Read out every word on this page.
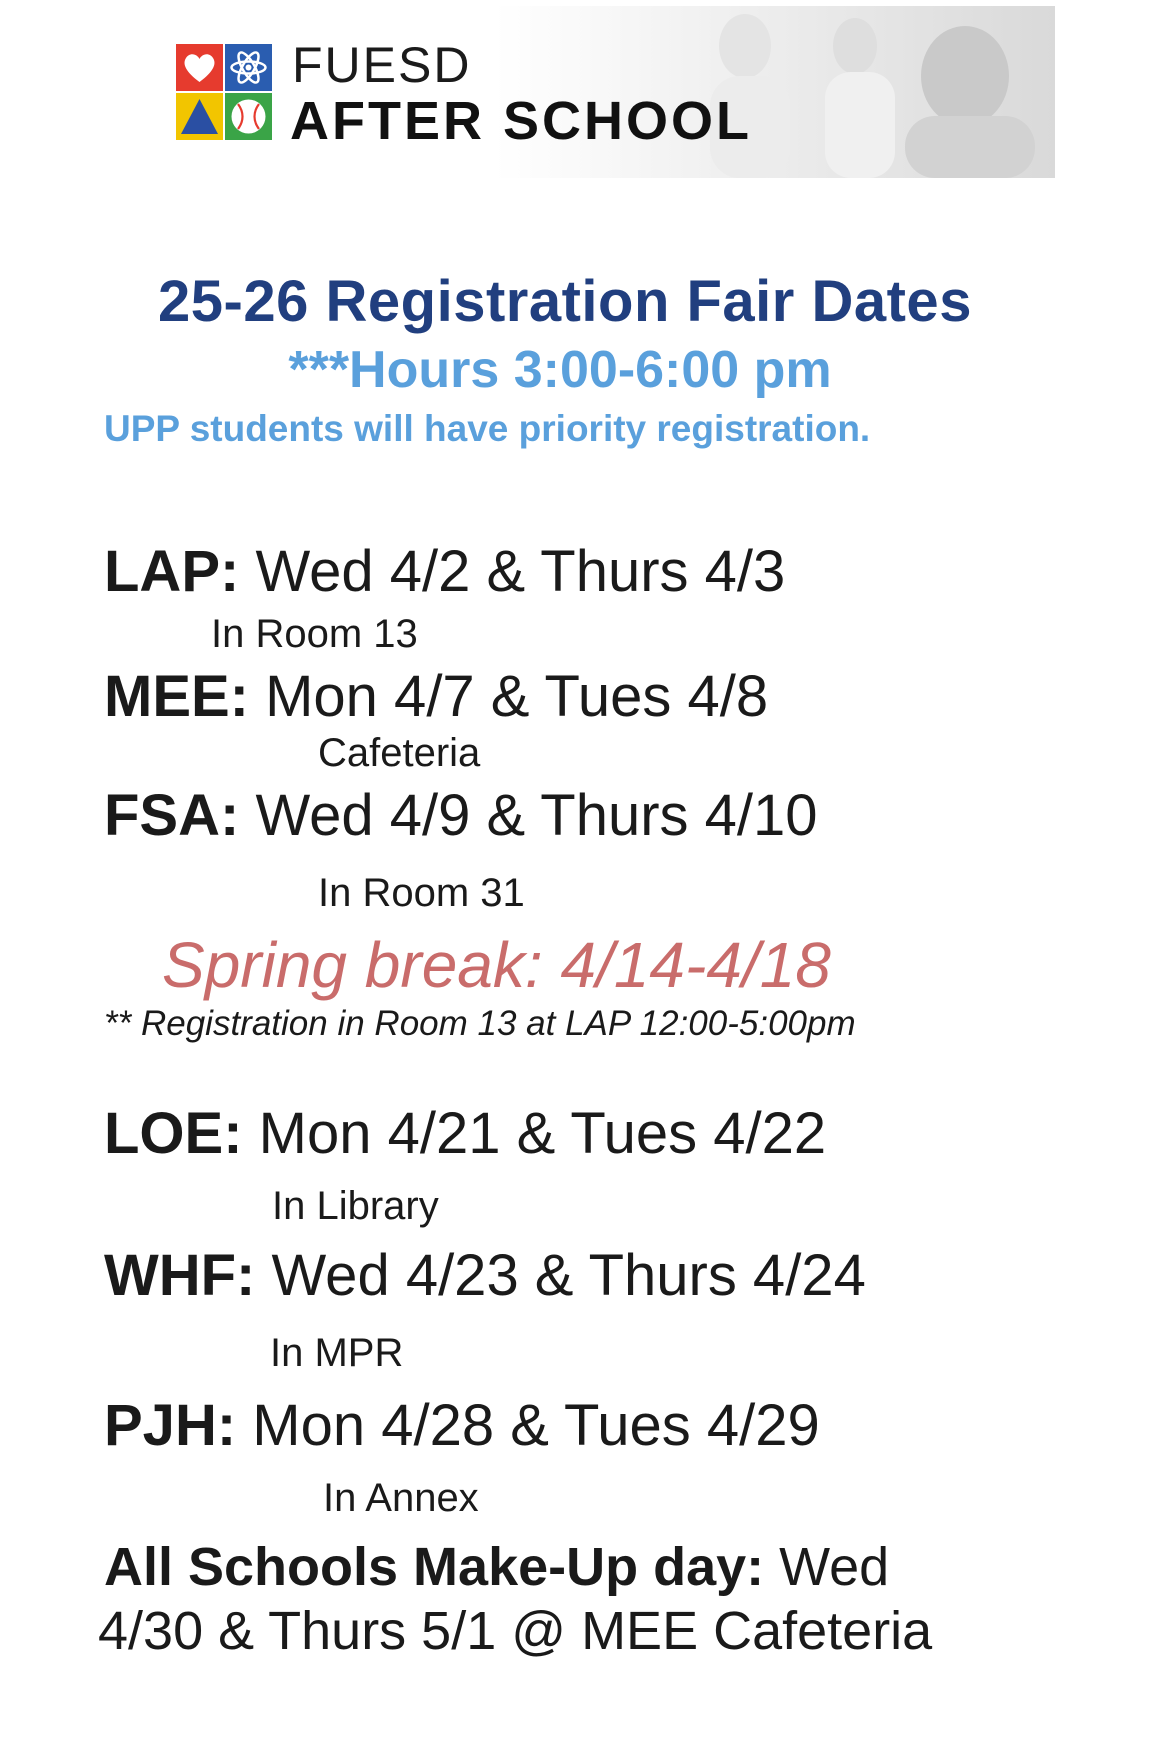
FUESD
AFTER SCHOOL
25-26 Registration Fair Dates
***Hours 3:00-6:00 pm
UPP students will have priority registration.
LAP: Wed 4/2 & Thurs 4/3
In Room 13
MEE: Mon 4/7 & Tues 4/8
Cafeteria
FSA: Wed 4/9 & Thurs 4/10
In Room 31
Spring break: 4/14-4/18
** Registration in Room 13 at LAP 12:00-5:00pm
LOE: Mon 4/21 & Tues 4/22
In Library
WHF: Wed 4/23 & Thurs 4/24
In MPR
PJH: Mon 4/28 & Tues 4/29
In Annex
All Schools Make-Up day: Wed
4/30 & Thurs 5/1 @ MEE Cafeteria
